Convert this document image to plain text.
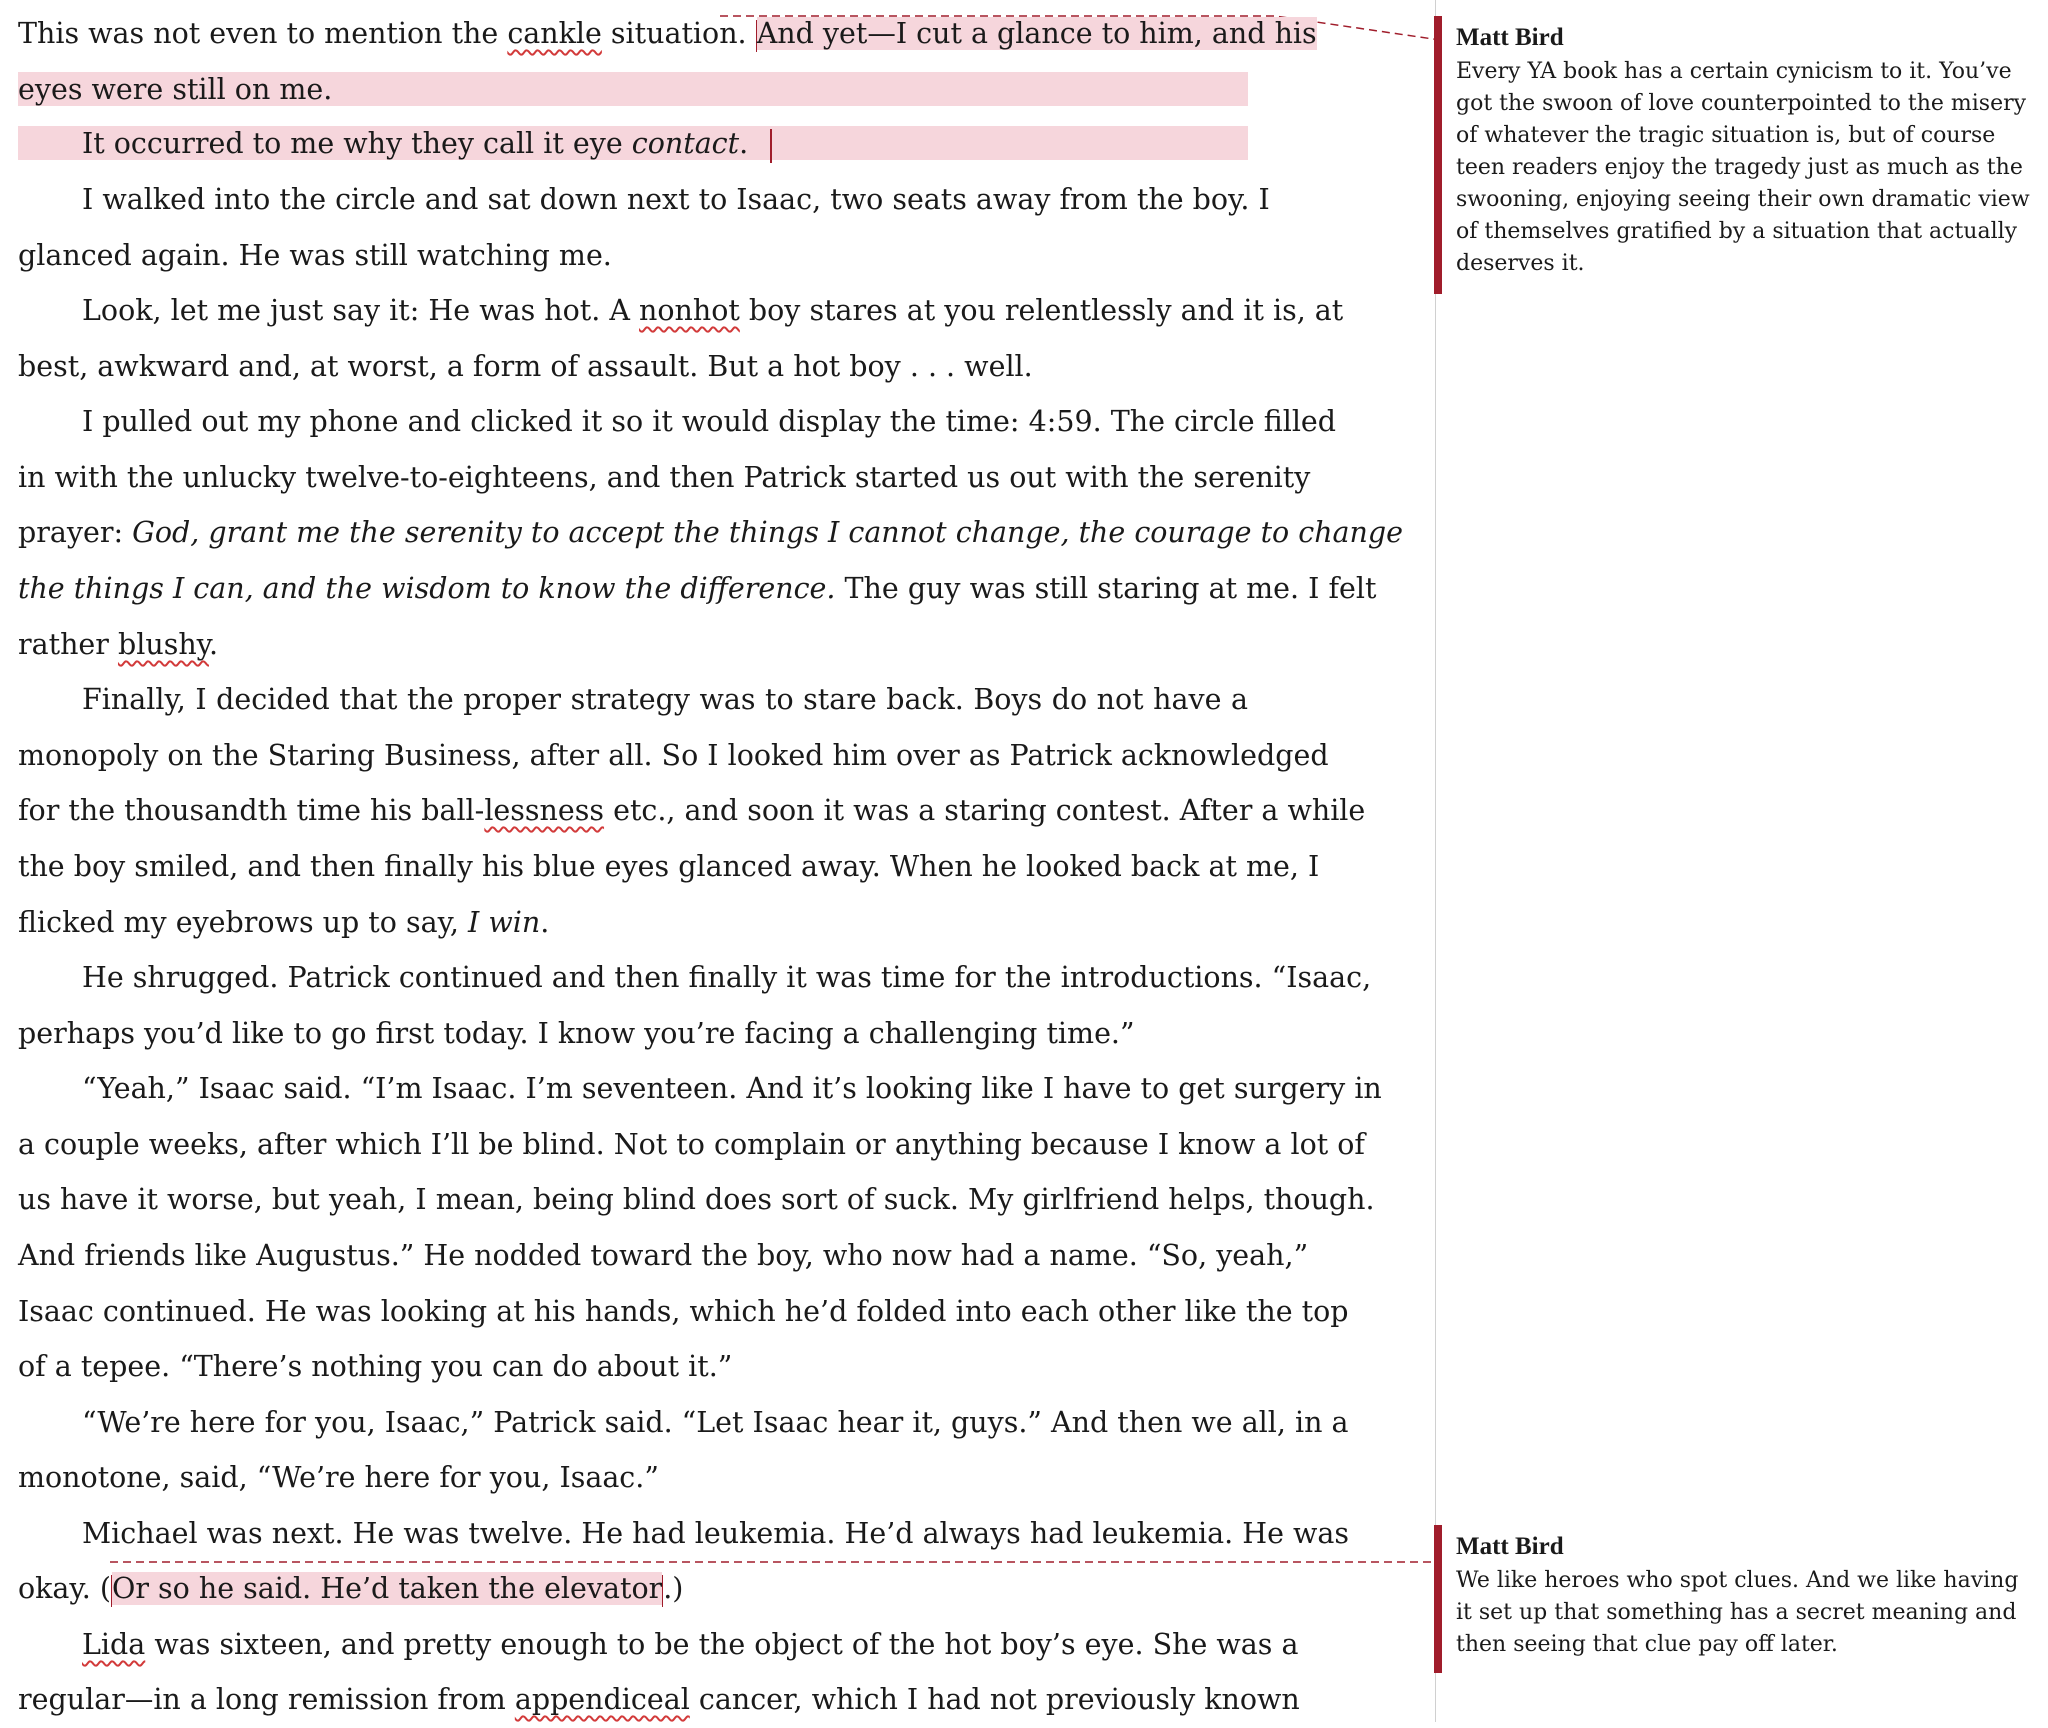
This was not even to mention the cankle situation. And yet—I cut a glance to him, and his
eyes were still on me.
It occurred to me why they call it eye contact.
I walked into the circle and sat down next to Isaac, two seats away from the boy. I
glanced again. He was still watching me.
Look, let me just say it: He was hot. A nonhot boy stares at you relentlessly and it is, at
best, awkward and, at worst, a form of assault. But a hot boy . . . well.
I pulled out my phone and clicked it so it would display the time: 4:59. The circle filled
in with the unlucky twelve-to-eighteens, and then Patrick started us out with the serenity
prayer: God, grant me the serenity to accept the things I cannot change, the courage to change
the things I can, and the wisdom to know the difference. The guy was still staring at me. I felt
rather blushy.
Finally, I decided that the proper strategy was to stare back. Boys do not have a
monopoly on the Staring Business, after all. So I looked him over as Patrick acknowledged
for the thousandth time his ball-lessness etc., and soon it was a staring contest. After a while
the boy smiled, and then finally his blue eyes glanced away. When he looked back at me, I
flicked my eyebrows up to say, I win.
He shrugged. Patrick continued and then finally it was time for the introductions. “Isaac,
perhaps you’d like to go first today. I know you’re facing a challenging time.”
“Yeah,” Isaac said. “I’m Isaac. I’m seventeen. And it’s looking like I have to get surgery in
a couple weeks, after which I’ll be blind. Not to complain or anything because I know a lot of
us have it worse, but yeah, I mean, being blind does sort of suck. My girlfriend helps, though.
And friends like Augustus.” He nodded toward the boy, who now had a name. “So, yeah,”
Isaac continued. He was looking at his hands, which he’d folded into each other like the top
of a tepee. “There’s nothing you can do about it.”
“We’re here for you, Isaac,” Patrick said. “Let Isaac hear it, guys.” And then we all, in a
monotone, said, “We’re here for you, Isaac.”
Michael was next. He was twelve. He had leukemia. He’d always had leukemia. He was
okay. (Or so he said. He’d taken the elevator.)
Lida was sixteen, and pretty enough to be the object of the hot boy’s eye. She was a
regular—in a long remission from appendiceal cancer, which I had not previously known
Matt Bird
Every YA book has a certain cynicism to it. You’ve got the swoon of love counterpointed to the misery of whatever the tragic situation is, but of course teen readers enjoy the tragedy just as much as the swooning, enjoying seeing their own dramatic view of themselves gratified by a situation that actually deserves it.
Matt Bird
We like heroes who spot clues. And we like having it set up that something has a secret meaning and then seeing that clue pay off later.
